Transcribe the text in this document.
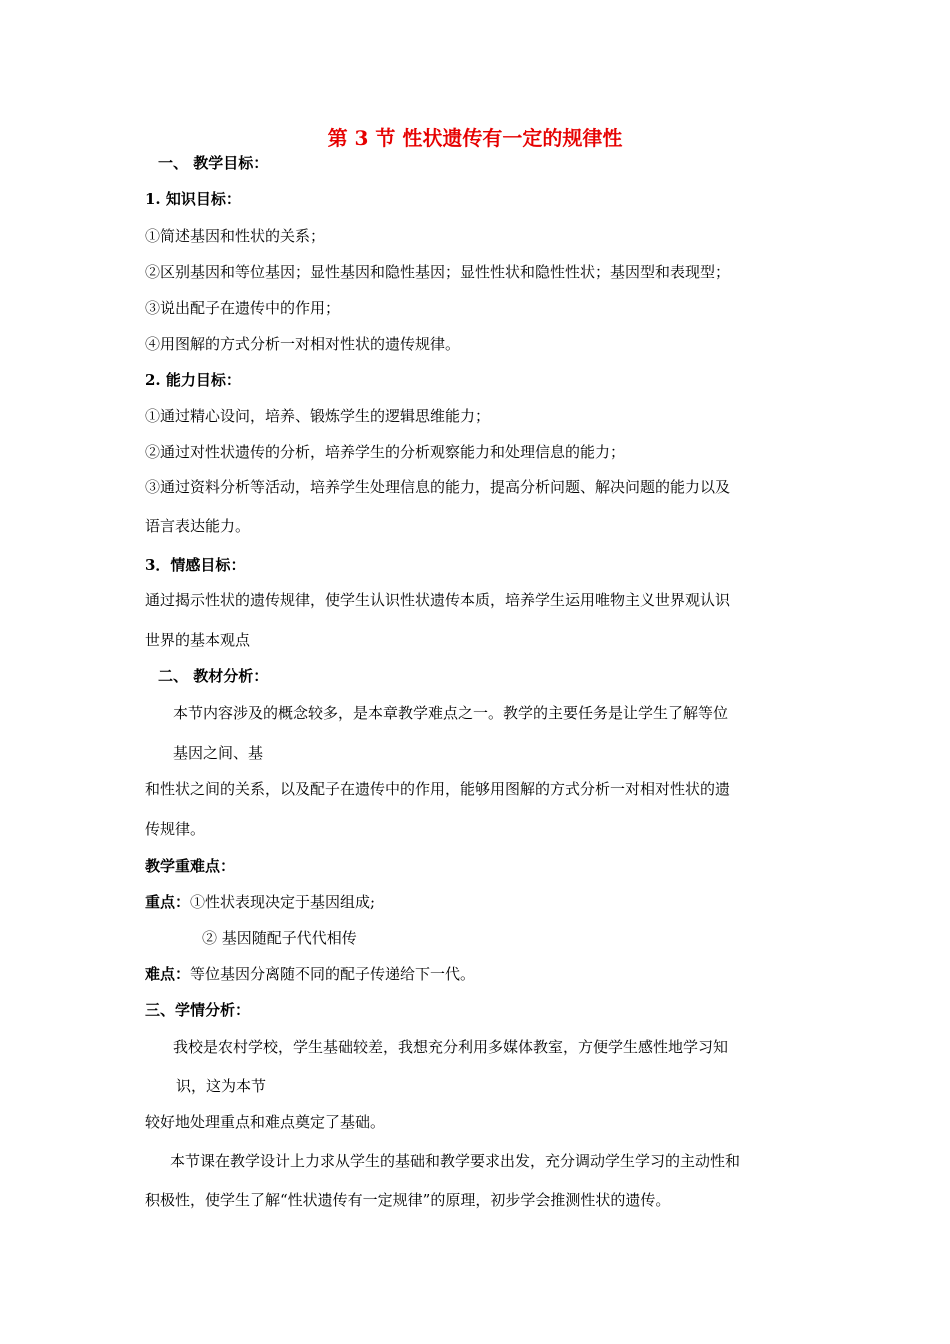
第 3 节 性状遗传有一定的规律性
一、 教学目标：
1. 知识目标：
①简述基因和性状的关系；
②区别基因和等位基因；显性基因和隐性基因；显性性状和隐性性状；基因型和表现型；
③说出配子在遗传中的作用；
④用图解的方式分析一对相对性状的遗传规律。
2. 能力目标：
①通过精心设问，培养、锻炼学生的逻辑思维能力；
②通过对性状遗传的分析，培养学生的分析观察能力和处理信息的能力；
③通过资料分析等活动，培养学生处理信息的能力，提高分析问题、解决问题的能力以及
语言表达能力。
3．情感目标：
通过揭示性状的遗传规律，使学生认识性状遗传本质，培养学生运用唯物主义世界观认识
世界的基本观点
二、 教材分析：
本节内容涉及的概念较多，是本章教学难点之一。教学的主要任务是让学生了解等位
基因之间、基
和性状之间的关系，以及配子在遗传中的作用，能够用图解的方式分析一对相对性状的遗
传规律。
教学重难点：
重点：①性状表现决定于基因组成;
② 基因随配子代代相传
难点：等位基因分离随不同的配子传递给下一代。
三、学情分析：
我校是农村学校，学生基础较差，我想充分利用多媒体教室，方便学生感性地学习知
识，这为本节
较好地处理重点和难点奠定了基础。
本节课在教学设计上力求从学生的基础和教学要求出发，充分调动学生学习的主动性和
积极性，使学生了解“性状遗传有一定规律”的原理，初步学会推测性状的遗传。
